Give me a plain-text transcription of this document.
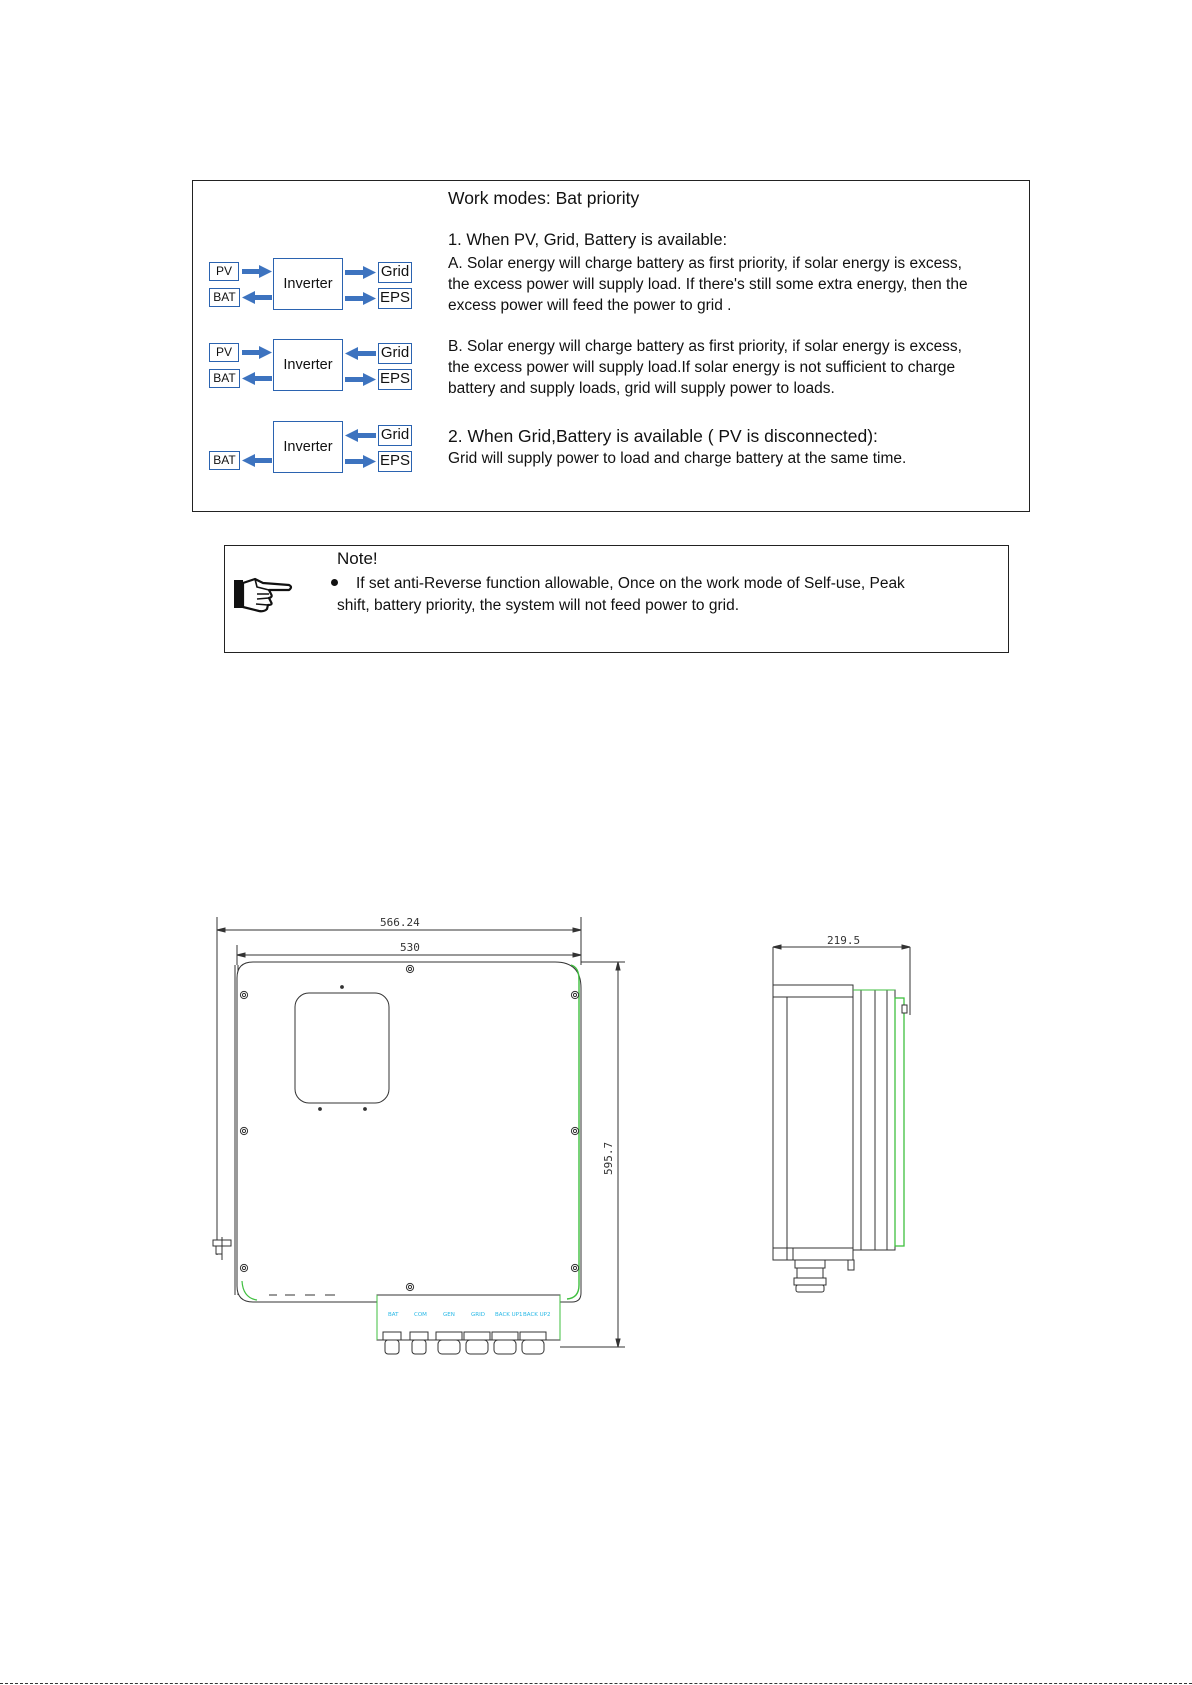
PV
BAT
Inverter
Grid
EPS
PV
BAT
Inverter
Grid
EPS
BAT
Inverter
Grid
EPS
Work modes: Bat priority
1. When PV, Grid, Battery is available:
A. Solar energy will charge battery as first priority, if solar energy is excess,
the excess power will supply load. If there's still some extra energy, then the
excess power will feed the power to grid .
B. Solar energy will charge battery as first priority, if solar energy is excess,
the excess power will supply load.If solar energy is not sufficient to charge
battery and supply loads, grid will supply power to loads.
2. When Grid,Battery is available ( PV is disconnected):
Grid will supply power to load and charge battery at the same time.
Note!
If set anti-Reverse function allowable, Once on the work mode of Self-use, Peak
shift, battery priority, the system will not feed power to grid.
566.24
530
595.7
BAT	COM	GEN	GRID BACK UP1 BACK UP2
219.5
